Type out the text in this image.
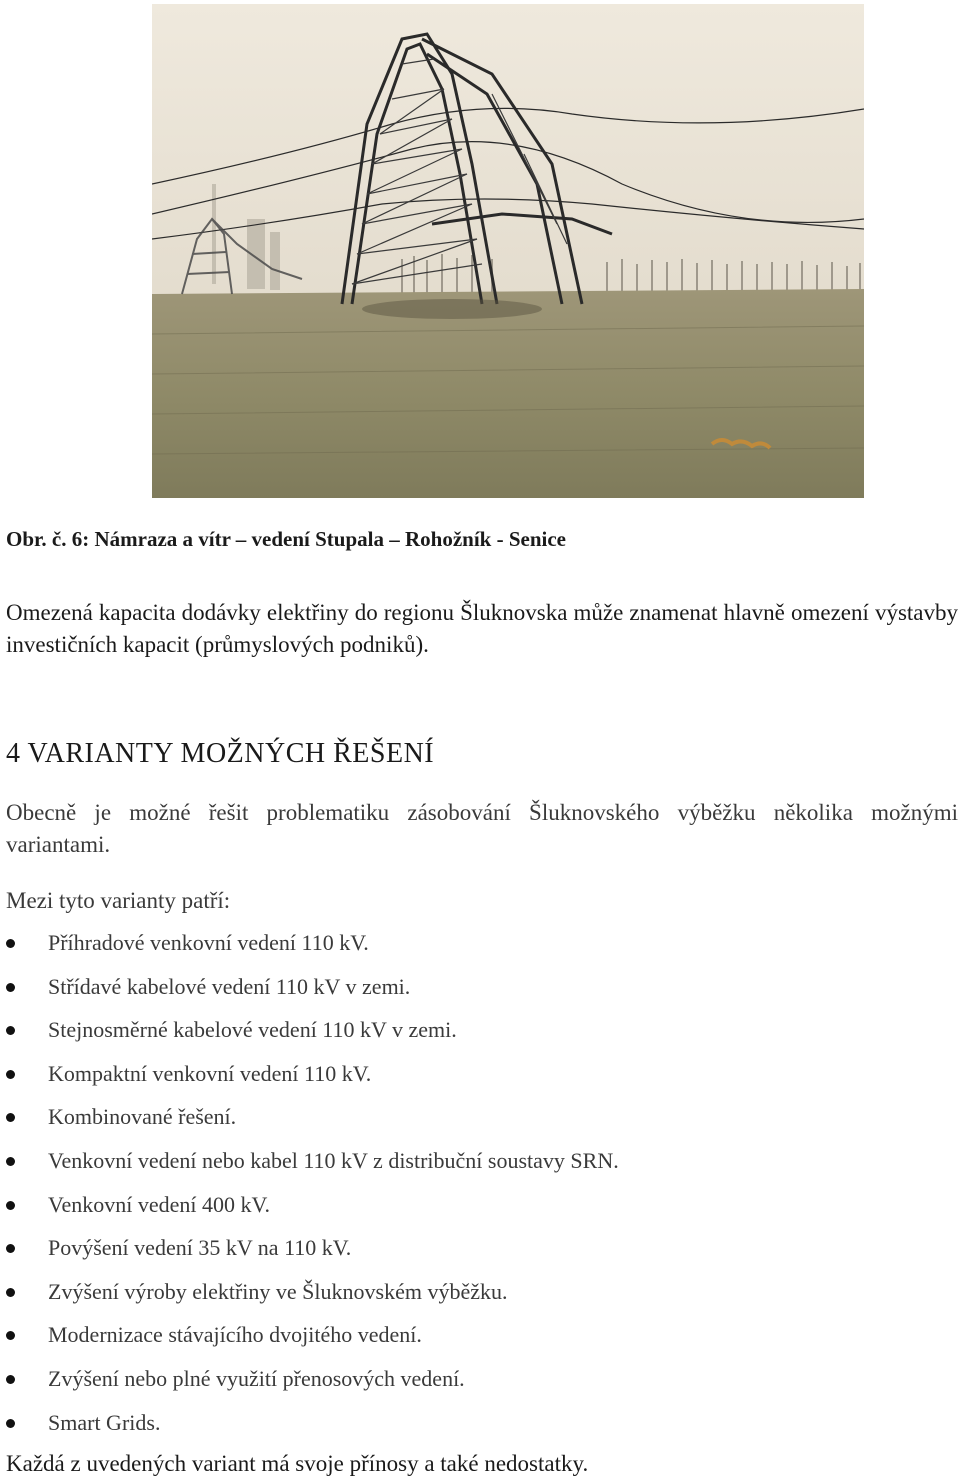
Obr. č. 6: Námraza a vítr – vedení Stupala – Rohožník - Senice

Omezená kapacita dodávky elektřiny do regionu Šluknovska může znamenat hlavně omezení výstavby investičních kapacit (průmyslových podniků).

4 VARIANTY MOŽNÝCH ŘEŠENÍ

Obecně je možné řešit problematiku zásobování Šluknovského výběžku několika možnými variantami.

Mezi tyto varianty patří:

Příhradové venkovní vedení 110 kV.
Střídavé kabelové vedení 110 kV v zemi.
Stejnosměrné kabelové vedení 110 kV v zemi.
Kompaktní venkovní vedení 110 kV.
Kombinované řešení.
Venkovní vedení nebo kabel 110 kV z distribuční soustavy SRN.
Venkovní vedení 400 kV.
Povýšení vedení 35 kV na 110 kV.
Zvýšení výroby elektřiny ve Šluknovském výběžku.
Modernizace stávajícího dvojitého vedení.
Zvýšení nebo plné využití přenosových vedení.
Smart Grids.

Každá z uvedených variant má svoje přínosy a také nedostatky.
